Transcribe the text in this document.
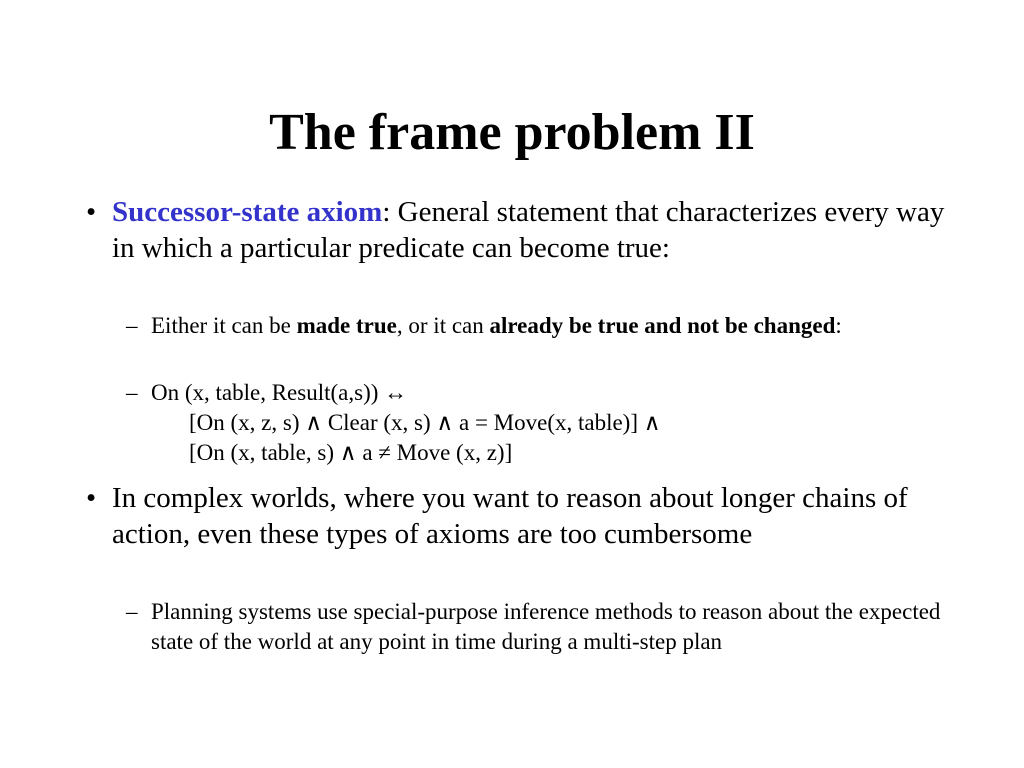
The frame problem II
• Successor-state axiom: General statement that characterizes every way in which a particular predicate can become true:
– Either it can be made true, or it can already be true and not be changed:
– On (x, table, Result(a,s)) ↔
[On (x, z, s) ∧ Clear (x, s) ∧ a = Move(x, table)] ∧
[On (x, table, s) ∧ a ≠ Move (x, z)]
• In complex worlds, where you want to reason about longer chains of action, even these types of axioms are too cumbersome
– Planning systems use special-purpose inference methods to reason about the expected state of the world at any point in time during a multi-step plan
